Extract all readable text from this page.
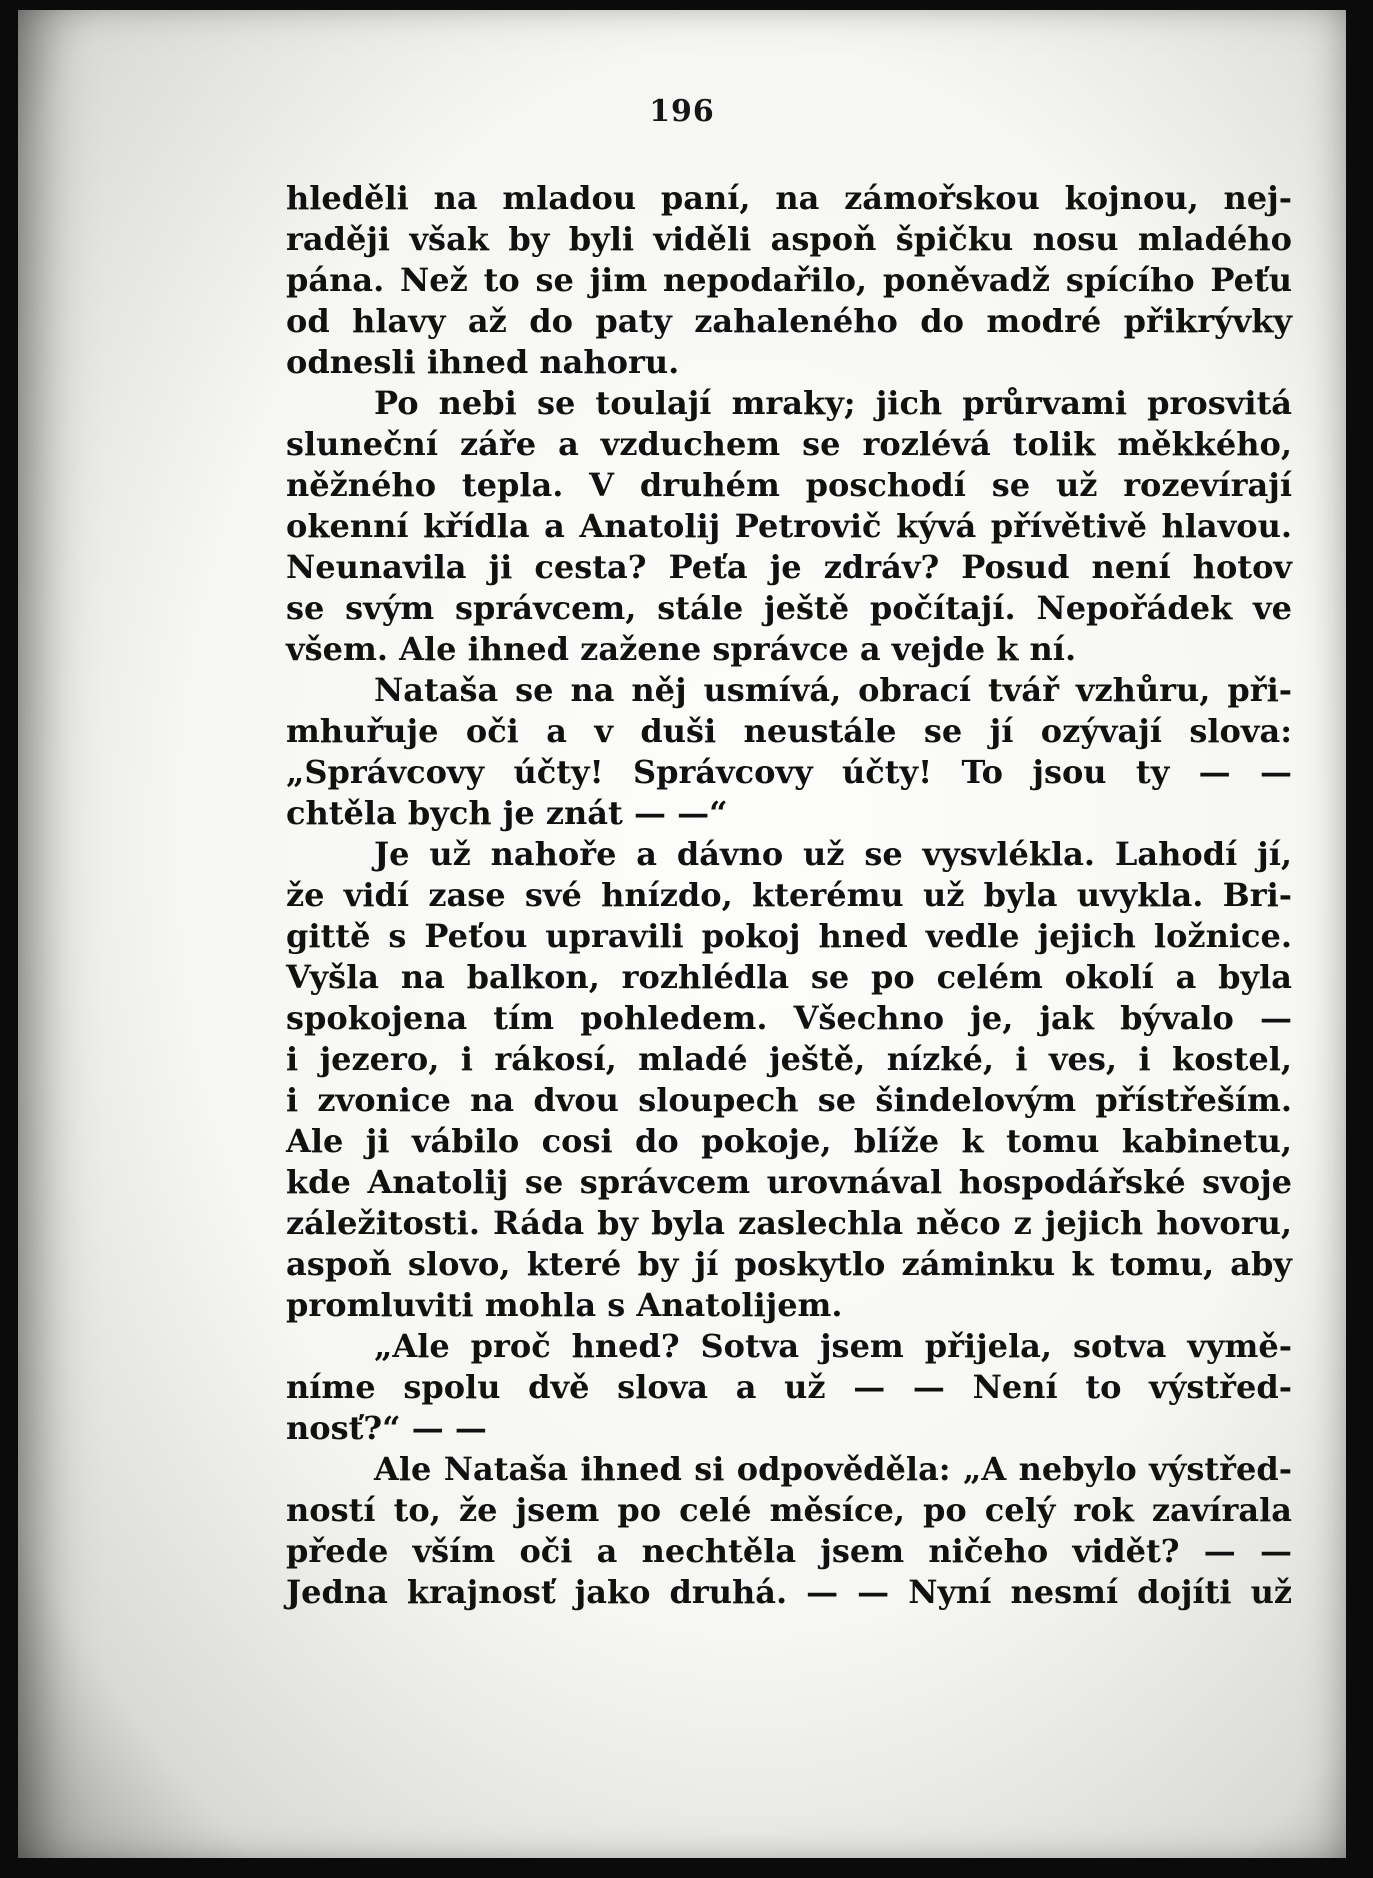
196
hleděli na mladou paní, na zámořskou kojnou, nej-
raději však by byli viděli aspoň špičku nosu mladého
pána. Než to se jim nepodařilo, poněvadž spícího Peťu
od hlavy až do paty zahaleného do modré přikrývky
odnesli ihned nahoru.
Po nebi se toulají mraky; jich průrvami prosvitá
sluneční záře a vzduchem se rozlévá tolik měkkého,
něžného tepla. V druhém poschodí se už rozevírají
okenní křídla a Anatolij Petrovič kývá přívětivě hlavou.
Neunavila ji cesta? Peťa je zdráv? Posud není hotov
se svým správcem, stále ještě počítají. Nepořádek ve
všem. Ale ihned zažene správce a vejde k ní.
Nataša se na něj usmívá, obrací tvář vzhůru, při-
mhuřuje oči a v duši neustále se jí ozývají slova:
„Správcovy účty! Správcovy účty! To jsou ty — —
chtěla bych je znát — —“
Je už nahoře a dávno už se vysvlékla. Lahodí jí,
že vidí zase své hnízdo, kterému už byla uvykla. Bri-
gittě s Peťou upravili pokoj hned vedle jejich ložnice.
Vyšla na balkon, rozhlédla se po celém okolí a byla
spokojena tím pohledem. Všechno je, jak bývalo —
i jezero, i rákosí, mladé ještě, nízké, i ves, i kostel,
i zvonice na dvou sloupech se šindelovým přístřeším.
Ale ji vábilo cosi do pokoje, blíže k tomu kabinetu,
kde Anatolij se správcem urovnával hospodářské svoje
záležitosti. Ráda by byla zaslechla něco z jejich hovoru,
aspoň slovo, které by jí poskytlo záminku k tomu, aby
promluviti mohla s Anatolijem.
„Ale proč hned? Sotva jsem přijela, sotva vymě-
níme spolu dvě slova a už — — Není to výstřed-
nosť?“ — —
Ale Nataša ihned si odpověděla: „A nebylo výstřed-
ností to, že jsem po celé měsíce, po celý rok zavírala
přede vším oči a nechtěla jsem ničeho vidět? — —
Jedna krajnosť jako druhá. — — Nyní nesmí dojíti už
